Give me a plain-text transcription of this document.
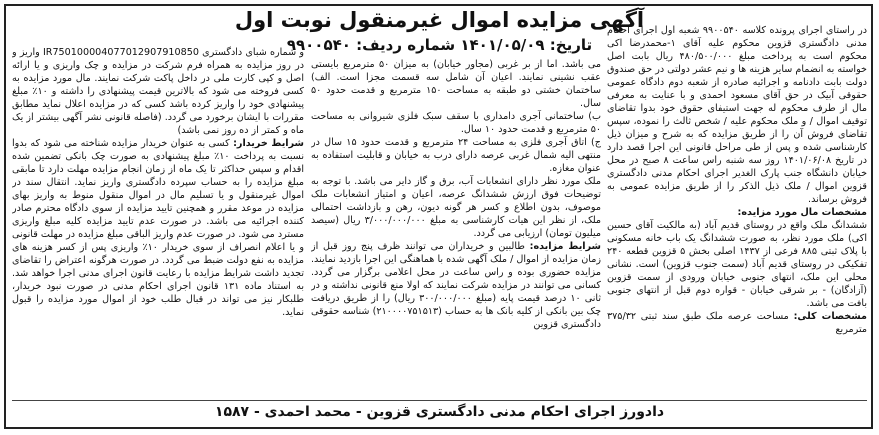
آگهی مزایده اموال غیرمنقول نوبت اول
تاریخ: ۱۴۰۱/۰۵/۰۹ شماره ردیف: ۹۹۰۰۵۴۰

در راستای اجرای پرونده کلاسه ۹۹۰۰۵۴۰ شعبه اول اجرای احکام مدنی دادگستری قزوین محکوم علیه آقای ۱-محمدرضا اکی محکوم است به پرداخت مبلغ ۴۸۰/۵۰۰/۰۰۰ ریال بابت اصل خواسته به انضمام سایر هزینه ها و نیم عشر دولتی در حق صندوق دولت بابت دادنامه و اجرائیه صادره از شعبه دوم دادگاه عمومی حقوقی آبیک در حق آقای مسعود احمدی و با عنایت به معرفی مال از طرف محکوم له جهت استیفای حقوق خود بدوا تقاضای توقیف اموال / و ملک محکوم علیه / شخص ثالث را نموده، سپس تقاضای فروش آن را از طریق مزایده که به شرح و میزان ذیل کارشناسی شده و پس از طی مراحل قانونی این اجرا قصد دارد در تاریخ ۱۴۰۱/۰۶/۰۸ روز سه شنبه راس ساعت ۸ صبح در محل خیابان دانشگاه جنب پارک الغدیر اجرای احکام مدنی دادگستری قزوین اموال / ملک ذیل الذکر را از طریق مزایده عمومی به فروش برساند.

مشخصات مال مورد مزایده:

ششدانگ ملک واقع در روستای قدیم آباد (به مالکیت آقای حسین اکی) ملک مورد نظر، به صورت ششدانگ یک باب خانه مسکونی با پلاک ثبتی ۸۸۵ فرعی از ۱۴۳۷ اصلی بخش ۵ قزوین قطعه ۲۴۰ تفکیکی در روستای قدیم آباد (سمت جنوب قزوین) است. نشانی محلی این ملک، انتهای جنوبی خیابان ورودی از سمت قزوین (آزادگان) - بر شرقی خیابان - قواره دوم قبل از انتهای جنوبی بافت می باشد.

مشخصات کلی: مساحت عرصه ملک طبق سند ثبتی ۳۷۵/۳۲ مترمربع

می باشد. اما از بر غربی (مجاور خیابان) به میزان ۵۰ مترمربع بایستی عقب نشینی نمایند. اعیان آن شامل سه قسمت مجزا است. الف) ساختمان خشتی دو طبقه به مساحت ۱۵۰ مترمربع و قدمت حدود ۵۰ سال.

ب) ساختمانی آجری دامداری با سقف سبک فلزی شیروانی به مساحت ۵۰ مترمربع و قدمت حدود ۱۰ سال.

ج) اتاق آجری فلزی به مساحت ۲۴ مترمربع و قدمت حدود ۱۵ سال در منتهی الیه شمال غربی عرصه دارای درب به خیابان و قابلیت استفاده به عنوان مغازه.

ملک مورد نظر دارای انشعابات آب، برق و گاز دایر می باشد. با توجه به توضیحات فوق ارزش ششدانگ عرصه، اعیان و امتیاز انشعابات ملک موصوف، بدون اطلاع و کسر هر گونه دیون، رهن و بازداشت احتمالی ملک، از نظر این هیات کارشناسی به مبلغ ۳/۰۰۰/۰۰۰/۰۰۰ ریال (سیصد میلیون تومان) ارزیابی می گردد.

شرایط مزایده: طالبین و خریداران می توانند ظرف پنج روز قبل از زمان مزایده از اموال / ملک آگهی شده با هماهنگی این اجرا بازدید نمایند. مزایده حضوری بوده و راس ساعت در محل اعلامی برگزار می گردد. کسانی می توانند در مزایده شرکت نمایند که اولا منع قانونی نداشته و در ثانی ۱۰ درصد قیمت پایه (مبلغ ۳۰۰/۰۰۰/۰۰۰ ریال) را از طریق دریافت چک بین بانکی از کلیه بانک ها به حساب (۲۱۰۰۰۰۷۵۱۵۱۳) شناسه حقوقی دادگستری قزوین

و شماره شبای دادگستری IR750100004077012907910850 واریز و در روز مزایده به همراه فرم شرکت در مزایده و چک واریزی و یا ارائه اصل و کپی کارت ملی در داخل پاکت شرکت نمایند. مال مورد مزایده به کسی فروخته می شود که بالاترین قیمت پیشنهادی را داشته و ۱۰٪ مبلغ پیشنهادی خود را واریز کرده باشد کسی که در مزایده اعلال نماید مطابق مقررات با ایشان برخورد می گردد. (فاصله قانونی نشر آگهی بیشتر از یک ماه و کمتر از ده روز نمی باشد)

شرایط خریدار: کسی به عنوان خریدار مزایده شناخته می شود که بدوا نسبت به پرداخت ۱۰٪ مبلغ پیشنهادی به صورت چک بانکی تضمین شده اقدام و سپس حداکثر تا یک ماه از زمان انجام مزایده مهلت دارد تا مابقی مبلغ مزایده را به حساب سپرده دادگستری واریز نماید. انتقال سند در اموال غیرمنقول و یا تسلیم مال در اموال منقول منوط به واریز بهای مزایده در موعد مقرر و همچنین تایید مزایده از سوی دادگاه محترم صادر کننده اجرائیه می باشد. در صورت عدم تایید مزایده کلیه مبلغ واریزی مسترد می شود. در صورت عدم واریز الباقی مبلغ مزایده در مهلت قانونی و یا اعلام انصراف از سوی خریدار ۱۰٪ واریزی پس از کسر هزینه های مزایده به نفع دولت ضبط می گردد. در صورت هرگونه اعتراض را تقاضای تجدید داشت شرایط مزایده با رعایت قانون اجرای مدنی اجرا خواهد شد. به استناد ماده ۱۳۱ قانون اجرای احکام مدنی در صورت نبود خریدار، طلبکار نیز می تواند در قبال طلب خود از اموال مورد مزایده را قبول نماید.

دادورز اجرای احکام مدنی دادگستری قزوین - محمد احمدی - ۱۵۸۷
